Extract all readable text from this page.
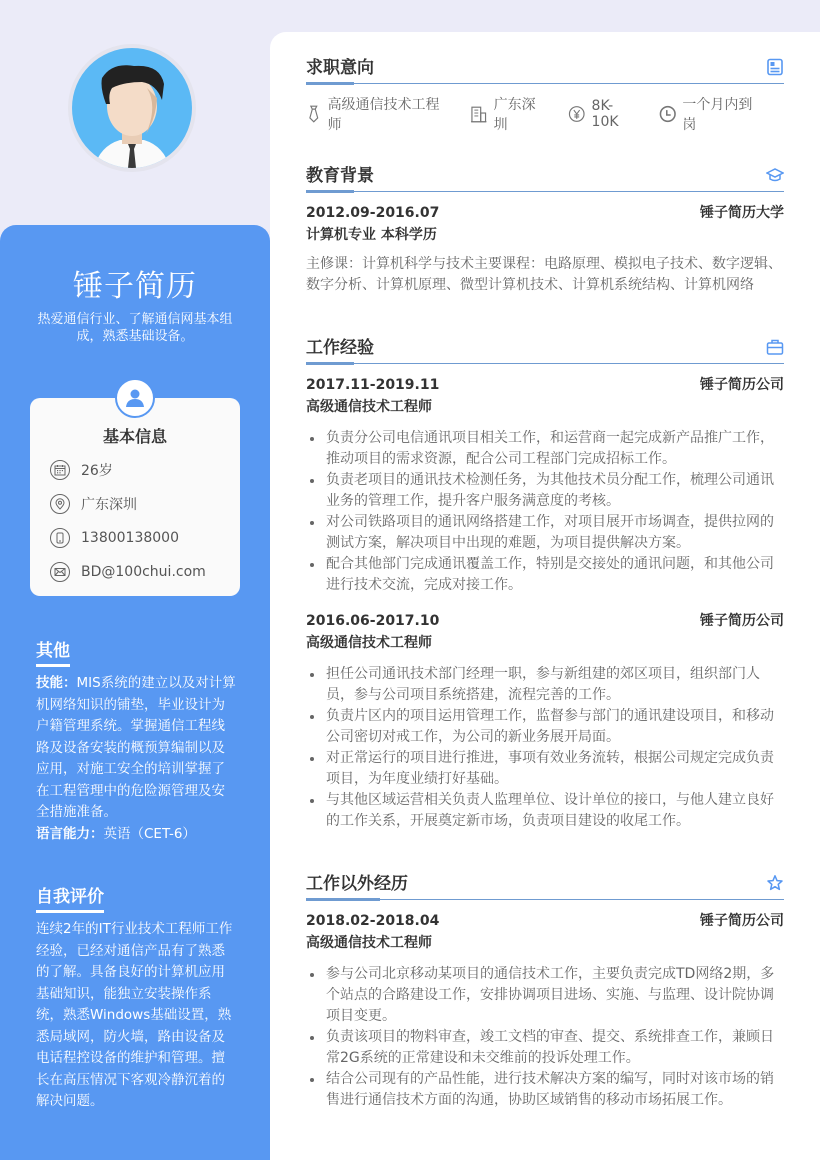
锤子简历
热爱通信行业、了解通信网基本组成，熟悉基础设备。
基本信息
26岁
广东深圳
13800138000
BD@100chui.com
其他
技能：MIS系统的建立以及对计算机网络知识的铺垫，毕业设计为户籍管理系统。掌握通信工程线路及设备安装的概预算编制以及应用，对施工安全的培训掌握了在工程管理中的危险源管理及安全措施准备。
语言能力：英语（CET-6）
自我评价
连续2年的IT行业技术工程师工作经验，已经对通信产品有了熟悉的了解。具备良好的计算机应用基础知识，能独立安装操作系统，熟悉Windows基础设置，熟悉局域网，防火墙，路由设备及电话程控设备的维护和管理。擅长在高压情况下客观冷静沉着的解决问题。
求职意向
高级通信技术工程师
广东深圳
8K-10K
一个月内到岗
教育背景
2012.09-2016.07	锤子简历大学
计算机专业 本科学历
主修课：计算机科学与技术主要课程：电路原理、模拟电子技术、数字逻辑、数字分析、计算机原理、微型计算机技术、计算机系统结构、计算机网络
工作经验
2017.11-2019.11	锤子简历公司
高级通信技术工程师
负责分公司电信通讯项目相关工作，和运营商一起完成新产品推广工作，推动项目的需求资源，配合公司工程部门完成招标工作。
负责老项目的通讯技术检测任务，为其他技术员分配工作，梳理公司通讯业务的管理工作，提升客户服务满意度的考核。
对公司铁路项目的通讯网络搭建工作，对项目展开市场调查，提供拉网的测试方案，解决项目中出现的难题，为项目提供解决方案。
配合其他部门完成通讯覆盖工作，特别是交接处的通讯问题，和其他公司进行技术交流，完成对接工作。
2016.06-2017.10	锤子简历公司
高级通信技术工程师
担任公司通讯技术部门经理一职，参与新组建的郊区项目，组织部门人员，参与公司项目系统搭建，流程完善的工作。
负责片区内的项目运用管理工作，监督参与部门的通讯建设项目，和移动公司密切对戒工作，为公司的新业务展开局面。
对正常运行的项目进行推进，事项有效业务流转，根据公司规定完成负责项目，为年度业绩打好基础。
与其他区域运营相关负责人监理单位、设计单位的接口，与他人建立良好的工作关系，开展奠定新市场，负责项目建设的收尾工作。
工作以外经历
2018.02-2018.04	锤子简历公司
高级通信技术工程师
参与公司北京移动某项目的通信技术工作，主要负责完成TD网络2期，多个站点的合路建设工作，安排协调项目进场、实施、与监理、设计院协调项目变更。
负责该项目的物料审查，竣工文档的审查、提交、系统排查工作，兼顾日常2G系统的正常建设和未交维前的投诉处理工作。
结合公司现有的产品性能，进行技术解决方案的编写，同时对该市场的销售进行通信技术方面的沟通，协助区域销售的移动市场拓展工作。
